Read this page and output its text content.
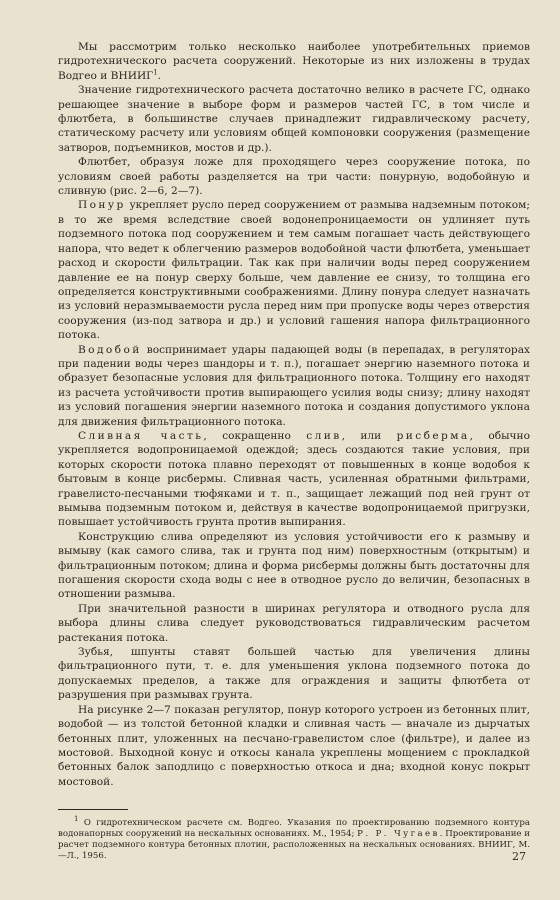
Мы рассмотрим только несколько наиболее употребительных приемов гидротехнического расчета сооружений. Некоторые из них изложены в трудах Водгео и ВНИИГ$^1$.

Значение гидротехнического расчета достаточно велико в расчете ГС, однако решающее значение в выборе форм и размеров частей ГС, в том числе и флютбета, в большинстве случаев принадлежит гидравлическому расчету, статическому расчету или условиям общей компоновки сооружения (размещение затворов, подъемников, мостов и др.).

Флютбет, образуя ложе для проходящего через сооружение потока, по условиям своей работы разделяется на три части: понурную, водобойную и сливную (рис. 2—6, 2—7).

Понур укрепляет русло перед сооружением от размыва надземным потоком; в то же время вследствие своей водонепроницаемости он удлиняет путь подземного потока под сооружением и тем самым погашает часть действующего напора, что ведет к облегчению размеров водобойной части флютбета, уменьшает расход и скорости фильтрации. Так как при наличии воды перед сооружением давление ее на понур сверху больше, чем давление ее снизу, то толщина его определяется конструктивными соображениями. Длину понура следует назначать из условий неразмываемости русла перед ним при пропуске воды через отверстия сооружения (из-под затвора и др.) и условий гашения напора фильтрационного потока.

Водобой воспринимает удары падающей воды (в перепадах, в регуляторах при падении воды через шандоры и т. п.), погашает энергию наземного потока и образует безопасные условия для фильтрационного потока. Толщину его находят из расчета устойчивости против выпирающего усилия воды снизу; длину находят из условий погашения энергии наземного потока и создания допустимого уклона для движения фильтрационного потока.

Сливная часть, сокращенно слив, или рисберма, обычно укрепляется водопроницаемой одеждой; здесь создаются такие условия, при которых скорости потока плавно переходят от повышенных в конце водобоя к бытовым в конце рисбермы. Сливная часть, усиленная обратными фильтрами, гравелисто-песчаными тюфяками и т. п., защищает лежащий под ней грунт от вымыва подземным потоком и, действуя в качестве водопроницаемой пригрузки, повышает устойчивость грунта против выпирания.

Конструкцию слива определяют из условия устойчивости его к размыву и вымыву (как самого слива, так и грунта под ним) поверхностным (открытым) и фильтрационным потоком; длина и форма рисбермы должны быть достаточны для погашения скорости схода воды с нее в отводное русло до величин, безопасных в отношении размыва.

При значительной разности в ширинах регулятора и отводного русла для выбора длины слива следует руководствоваться гидравлическим расчетом растекания потока.

Зубья, шпунты ставят большей частью для увеличения длины фильтрационного пути, т. е. для уменьшения уклона подземного потока до допускаемых пределов, а также для ограждения и защиты флютбета от разрушения при размывах грунта.

На рисунке 2—7 показан регулятор, понур которого устроен из бетонных плит, водобой — из толстой бетонной кладки и сливная часть — вначале из дырчатых бетонных плит, уложенных на песчано-гравелистом слое (фильтре), и далее из мостовой. Выходной конус и откосы канала укреплены мощением с прокладкой бетонных балок заподлицо с поверхностью откоса и дна; входной конус покрыт мостовой.

$^1$ О гидротехническом расчете см. Водгео. Указания по проектированию подземного контура водонапорных сооружений на нескальных основаниях. М., 1954; Р. Р. Чугаев. Проектирование и расчет подземного контура бетонных плотин, расположенных на нескальных основаниях. ВНИИГ, М.—Л., 1956.	27
